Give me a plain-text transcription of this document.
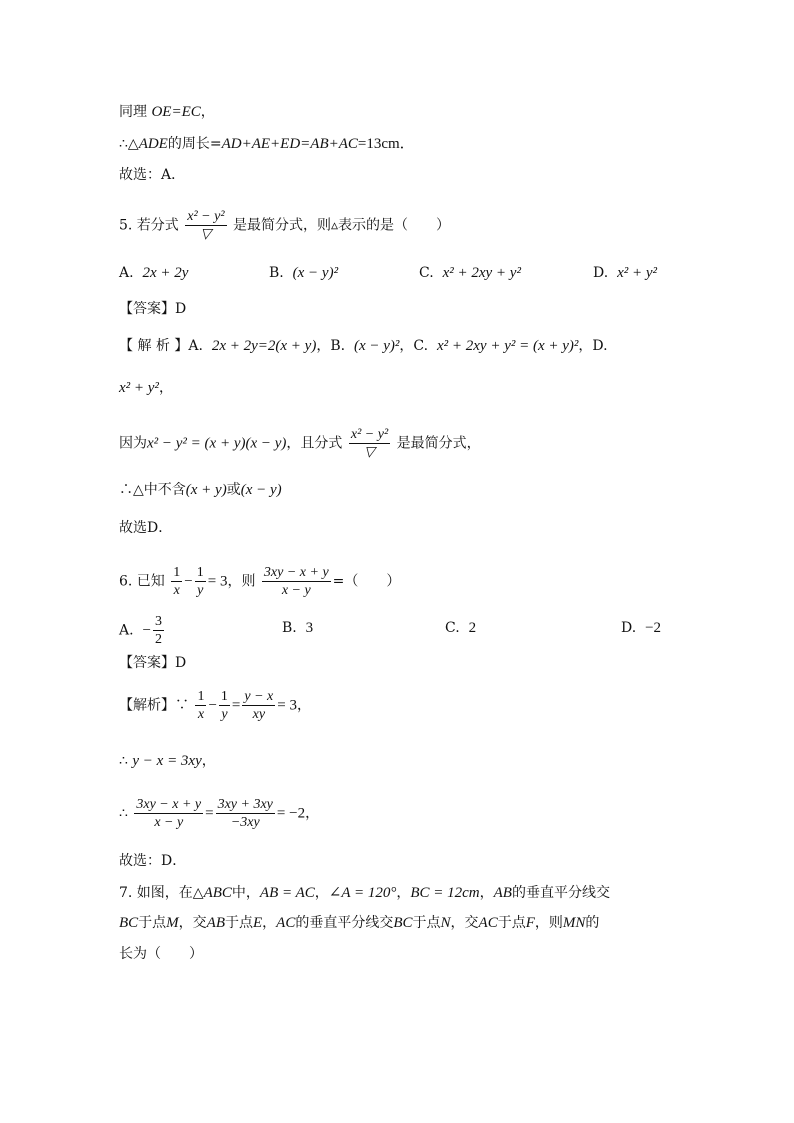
同理 OE=EC，
∴△ADE的周长=AD+AE+ED=AB+AC=13cm．
故选：A．
5. 若分式 $\frac{\text{x² − y²}}{▽}$ 是最简分式，则▵表示的是（　　）
A. 2x + 2y	B. (x − y)²	C. x² + 2xy + y²	D. x² + y²
【答案】D
【 解 析 】A. 2x + 2y=2(x + y)，B. (x − y)²，C. x² + 2xy + y² = (x + y)²，D.
x² + y²，
因为x² − y² = (x + y)(x − y)，且分式 $\frac{\text{x² − y²}}{▽}$ 是最简分式，
∴△中不含(x + y)或(x − y)
故选D．
6. 已知 $\frac{1}{x} - \frac{1}{y} = 3$，则 $\frac{3xy - x + y}{x - y}$ =（　　）
A. − $\frac{3}{2}$	B. 3	C. 2	D. −2
【答案】D
【解析】∵ $\frac{1}{x} - \frac{1}{y} = \frac{y - x}{xy} = 3$，
∴ y − x = 3xy，
∴ $\frac{3xy - x + y}{x - y} = \frac{3xy + 3xy}{-3xy} = -2$，
故选：D．
7. 如图，在△ABC中，AB = AC，∠A = 120°，BC = 12cm，AB的垂直平分线交
BC于点M，交AB于点E，AC的垂直平分线交BC于点N，交AC于点F，则MN的
长为（　　）
